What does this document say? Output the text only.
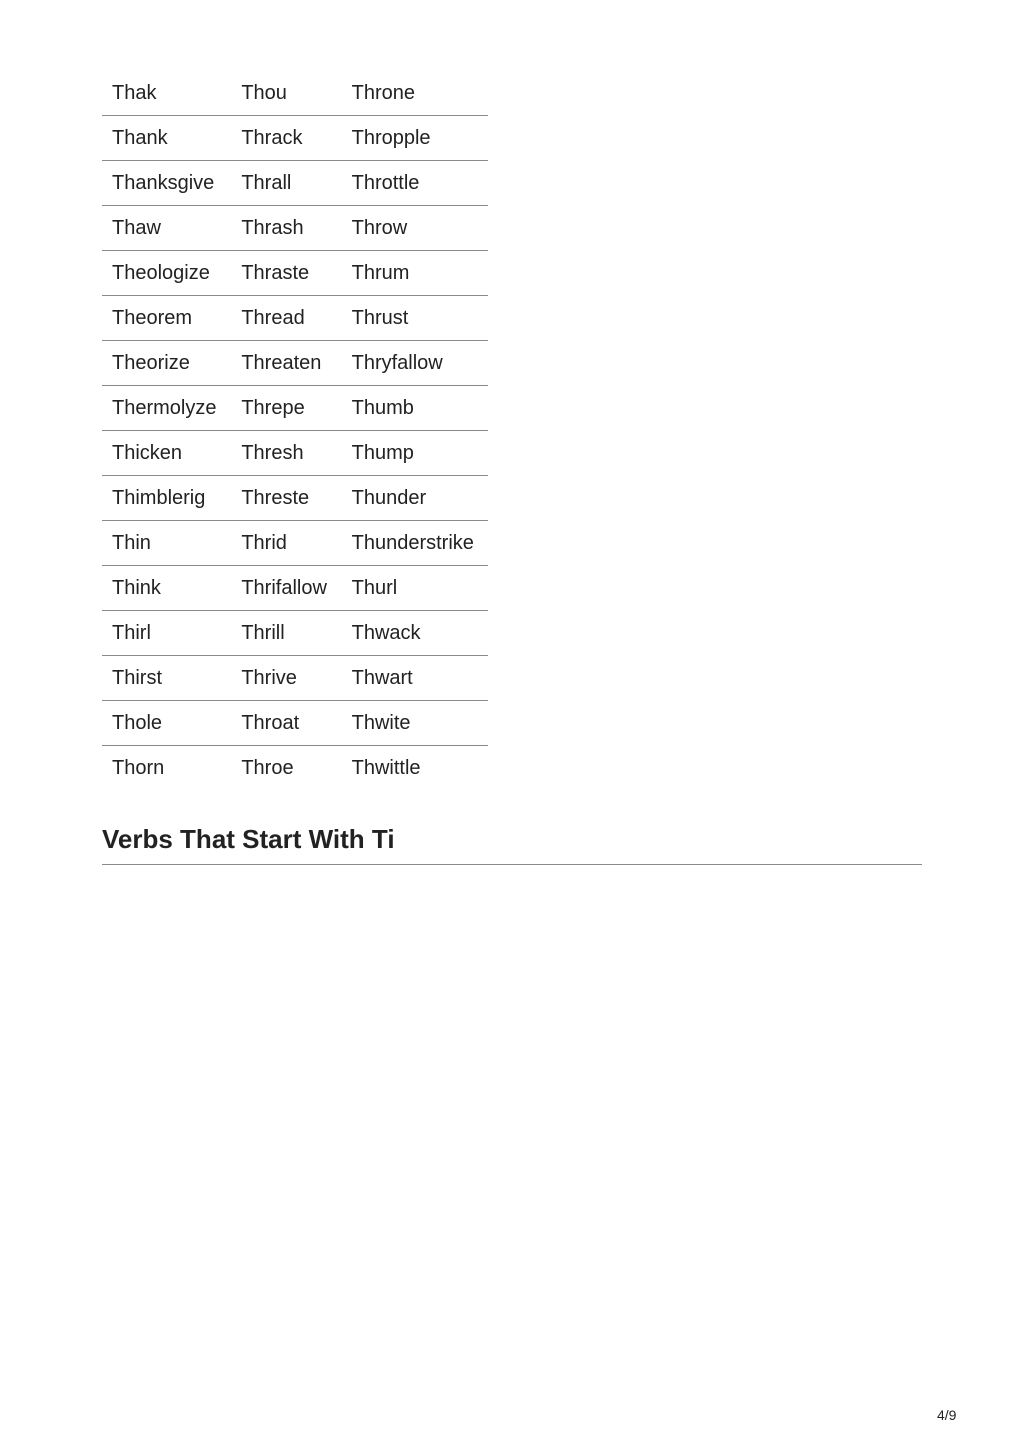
Thak	Thou	Throne
Thank	Thrack	Thropple
Thanksgive	Thrall	Throttle
Thaw	Thrash	Throw
Theologize	Thraste	Thrum
Theorem	Thread	Thrust
Theorize	Threaten	Thryfallow
Thermolyze	Threpe	Thumb
Thicken	Thresh	Thump
Thimblerig	Threste	Thunder
Thin	Thrid	Thunderstrike
Think	Thrifallow	Thurl
Thirl	Thrill	Thwack
Thirst	Thrive	Thwart
Thole	Throat	Thwite
Thorn	Throe	Thwittle
Verbs That Start With Ti
4/9
